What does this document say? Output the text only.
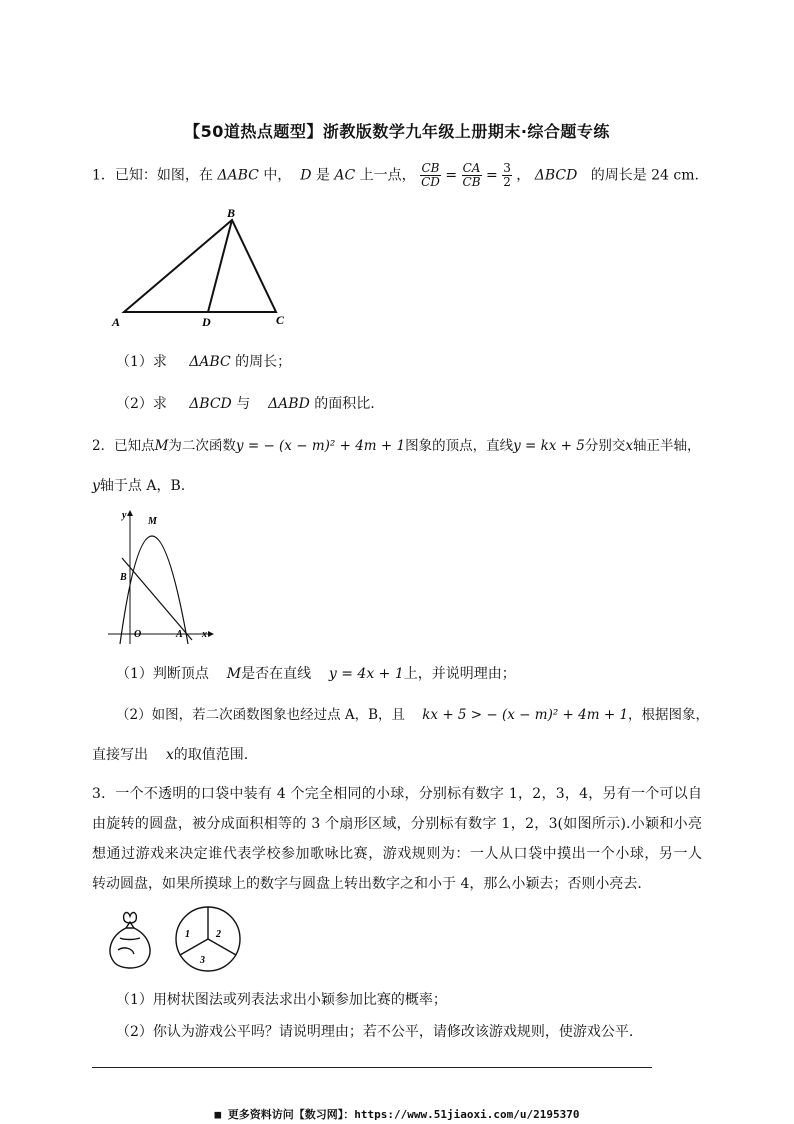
【50道热点题型】浙教版数学九年级上册期末·综合题专练
1．已知：如图，在 ΔABC 中， D 是 AC 上一点， $\frac{CB}{CD} = \frac{CA}{CB} = \frac{3}{2}$ ， ΔBCD 的周长是 24 cm.
B
A	D	C
（1）求 ΔABC 的周长；
（2）求 ΔBCD 与 ΔABD 的面积比.
2．已知点M为二次函数y = − (x − m)² + 4m + 1图象的顶点，直线y = kx + 5分别交x轴正半轴，
y轴于点 A，B.
y
M
B
O	A x
（1）判断顶点 M是否在直线 y = 4x + 1上，并说明理由；
（2）如图，若二次函数图象也经过点 A，B，且 kx + 5 > − (x − m)² + 4m + 1，根据图象，
直接写出 x的取值范围.
3．一个不透明的口袋中装有 4 个完全相同的小球，分别标有数字 1，2，3，4，另有一个可以自
由旋转的圆盘，被分成面积相等的 3 个扇形区域，分别标有数字 1，2，3(如图所示).小颖和小亮
想通过游戏来决定谁代表学校参加歌咏比赛，游戏规则为：一人从口袋中摸出一个小球，另一人
转动圆盘，如果所摸球上的数字与圆盘上转出数字之和小于 4，那么小颖去；否则小亮去.
1	2
3
（1）用树状图法或列表法求出小颖参加比赛的概率；
（2）你认为游戏公平吗？请说明理由；若不公平，请修改该游戏规则，使游戏公平.
■ 更多资料访问【数习网】：https://www.51jiaoxi.com/u/2195370
